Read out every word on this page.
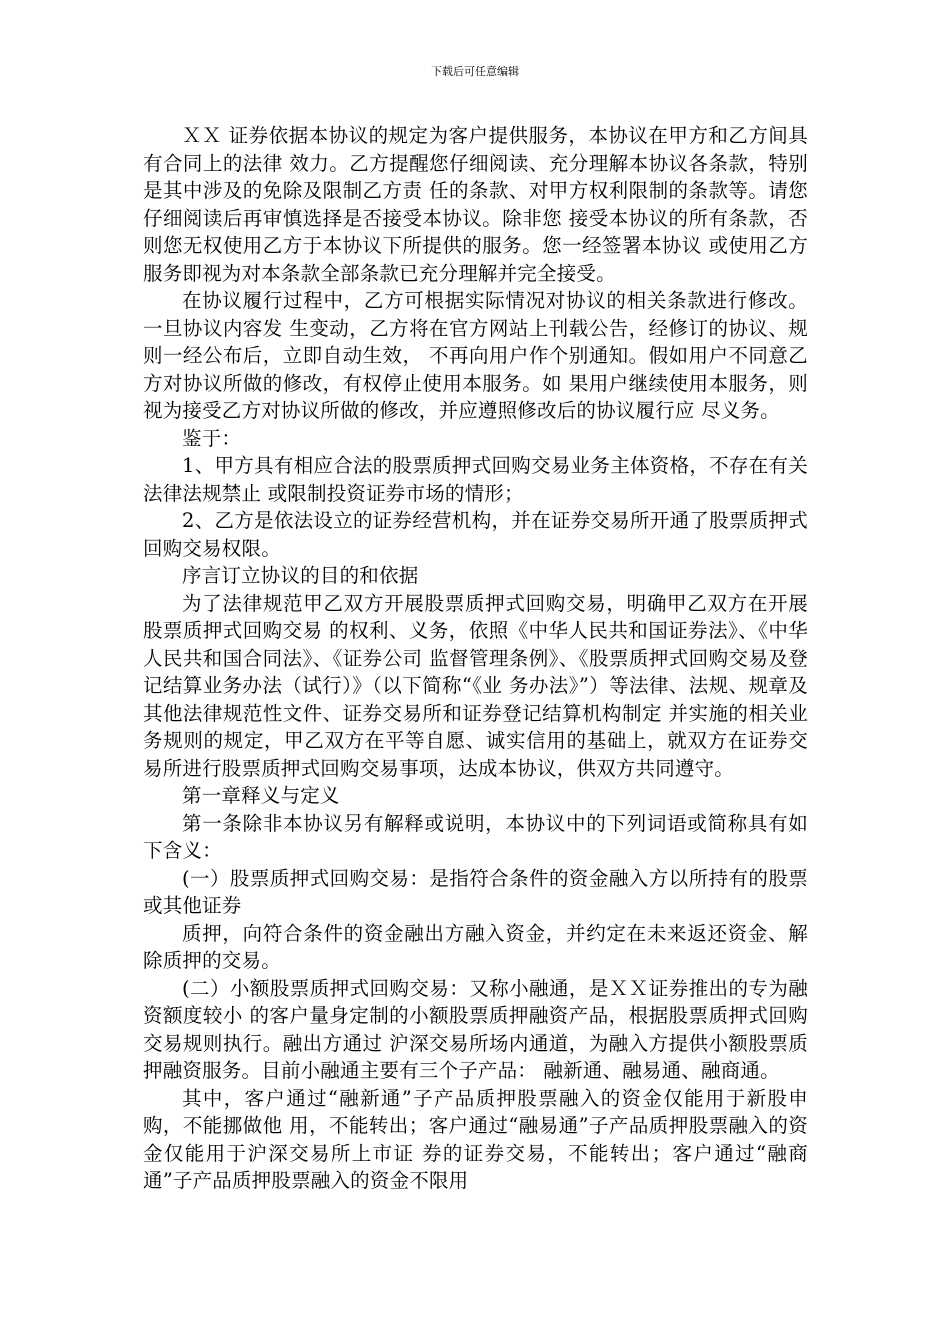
下载后可任意编辑

ＸＸ 证券依据本协议的规定为客户提供服务，本协议在甲方和乙方间具有合同上的法律 效力。乙方提醒您仔细阅读、充分理解本协议各条款，特别是其中涉及的免除及限制乙方责 任的条款、对甲方权利限制的条款等。请您仔细阅读后再审慎选择是否接受本协议。除非您 接受本协议的所有条款，否则您无权使用乙方于本协议下所提供的服务。您一经签署本协议 或使用乙方服务即视为对本条款全部条款已充分理解并完全接受。

在协议履行过程中，乙方可根据实际情况对协议的相关条款进行修改。一旦协议内容发 生变动，乙方将在官方网站上刊载公告，经修订的协议、规则一经公布后，立即自动生效， 不再向用户作个别通知。假如用户不同意乙方对协议所做的修改，有权停止使用本服务。如 果用户继续使用本服务，则视为接受乙方对协议所做的修改，并应遵照修改后的协议履行应 尽义务。

鉴于：

1、甲方具有相应合法的股票质押式回购交易业务主体资格，不存在有关法律法规禁止 或限制投资证券市场的情形；

2、乙方是依法设立的证券经营机构，并在证券交易所开通了股票质押式回购交易权限。

序言订立协议的目的和依据

为了法律规范甲乙双方开展股票质押式回购交易，明确甲乙双方在开展股票质押式回购交易 的权利、义务，依照《中华人民共和国证券法》、《中华人民共和国合同法》、《证券公司 监督管理条例》、《股票质押式回购交易及登记结算业务办法（试行）》（以下简称“《业 务办法》”）等法律、法规、规章及其他法律规范性文件、证券交易所和证券登记结算机构制定 并实施的相关业务规则的规定，甲乙双方在平等自愿、诚实信用的基础上，就双方在证券交 易所进行股票质押式回购交易事项，达成本协议，供双方共同遵守。

第一章释义与定义

第一条除非本协议另有解释或说明，本协议中的下列词语或简称具有如下含义：

(一）股票质押式回购交易：是指符合条件的资金融入方以所持有的股票或其他证券

质押，向符合条件的资金融出方融入资金，并约定在未来返还资金、解除质押的交易。

(二）小额股票质押式回购交易：又称小融通，是ＸＸ证券推出的专为融资额度较小 的客户量身定制的小额股票质押融资产品，根据股票质押式回购交易规则执行。融出方通过 沪深交易所场内通道，为融入方提供小额股票质押融资服务。目前小融通主要有三个子产品： 融新通、融易通、融商通。

其中，客户通过“融新通”子产品质押股票融入的资金仅能用于新股申购，不能挪做他 用，不能转出；客户通过“融易通”子产品质押股票融入的资金仅能用于沪深交易所上市证 券的证券交易，不能转出；客户通过“融商通”子产品质押股票融入的资金不限用
